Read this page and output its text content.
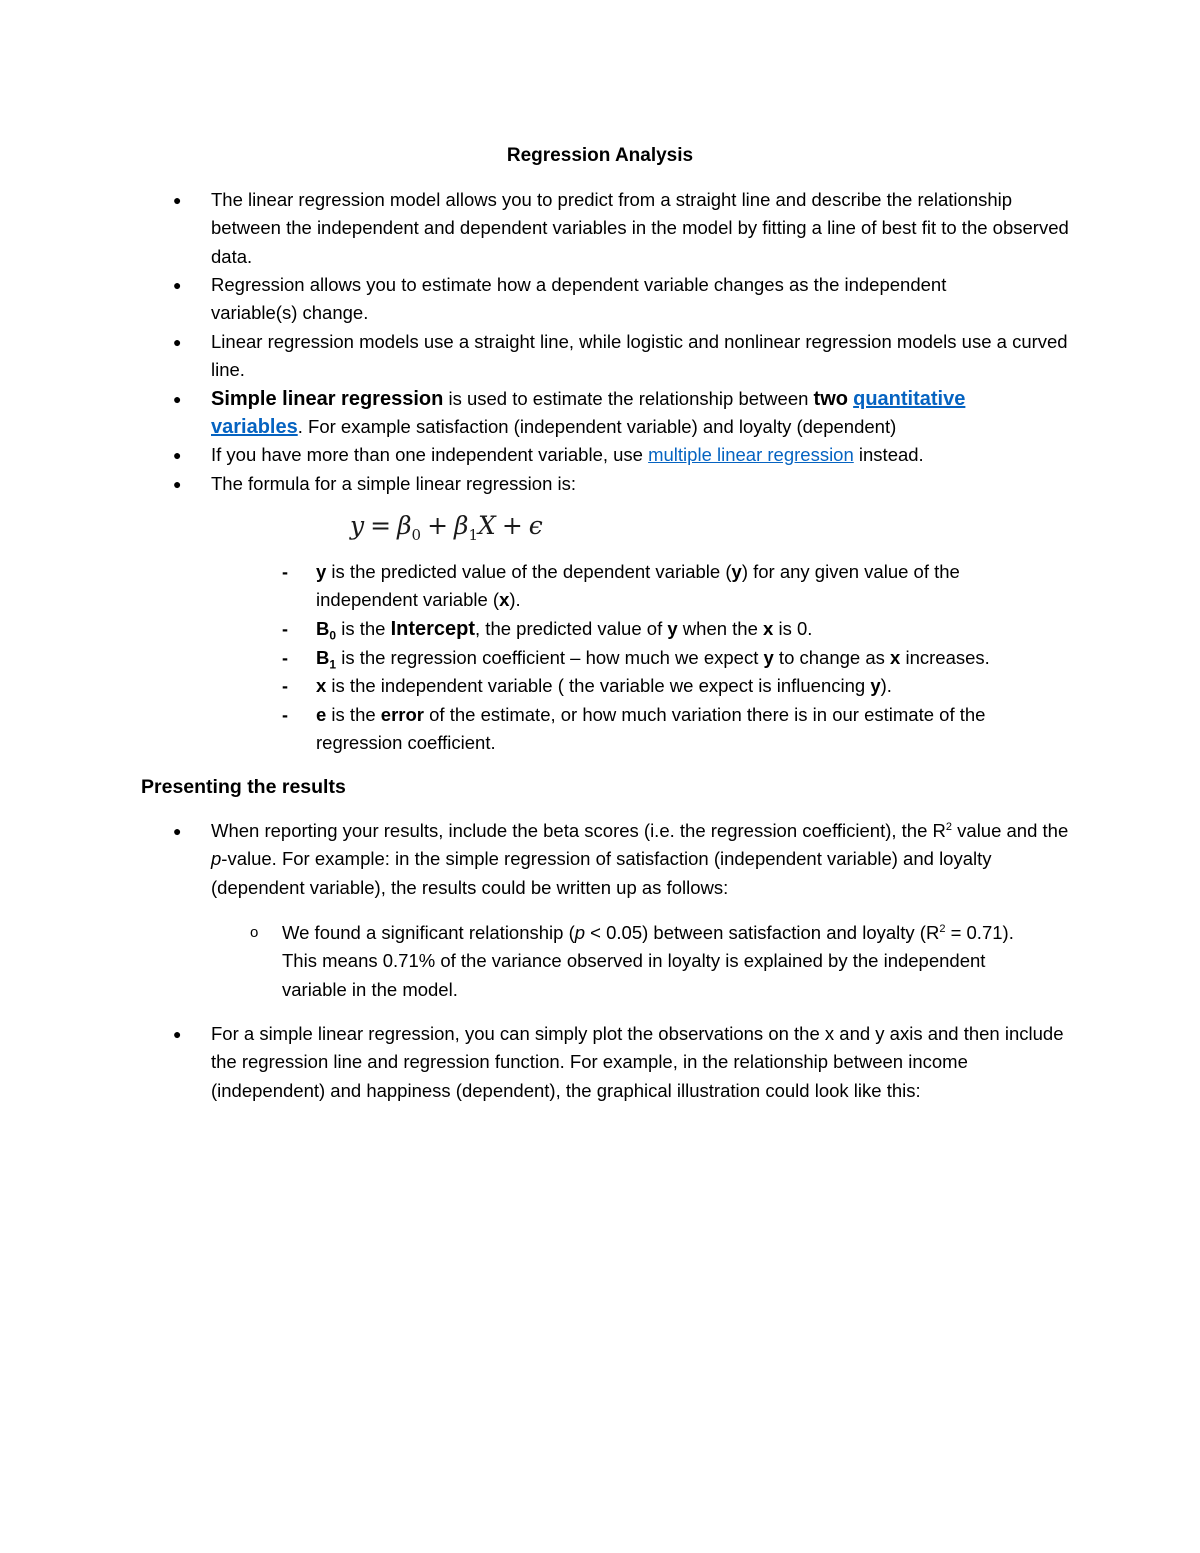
Regression Analysis
● The linear regression model allows you to predict from a straight line and describe the relationship between the independent and dependent variables in the model by fitting a line of best fit to the observed data.

● Regression allows you to estimate how a dependent variable changes as the independent variable(s) change.

● Linear regression models use a straight line, while logistic and nonlinear regression models use a curved line.

● Simple linear regression is used to estimate the relationship between two quantitative variables. For example satisfaction (independent variable) and loyalty (dependent)

● If you have more than one independent variable, use multiple linear regression instead.

● The formula for a simple linear regression is:

$y = \beta_0 + \beta_1X + \epsilon$
- y is the predicted value of the dependent variable (y) for any given value of the independent variable (x).

- $B_0$ is the Intercept, the predicted value of y when the x is 0.

- $B_1$ is the regression coefficient – how much we expect y to change as x increases.

- x is the independent variable ( the variable we expect is influencing y).

- e is the error of the estimate, or how much variation there is in our estimate of the regression coefficient.

Presenting the results
● When reporting your results, include the beta scores (i.e. the regression coefficient), the $R^2$ value and the p-value. For example: in the simple regression of satisfaction (independent variable) and loyalty (dependent variable), the results could be written up as follows:

o We found a significant relationship (p < 0.05) between satisfaction and loyalty $(R^2 = 0.71)$. This means 0.71% of the variance observed in loyalty is explained by the independent variable in the model.

● For a simple linear regression, you can simply plot the observations on the x and y axis and then include the regression line and regression function. For example, in the relationship between income (independent) and happiness (dependent), the graphical illustration could look like this:
